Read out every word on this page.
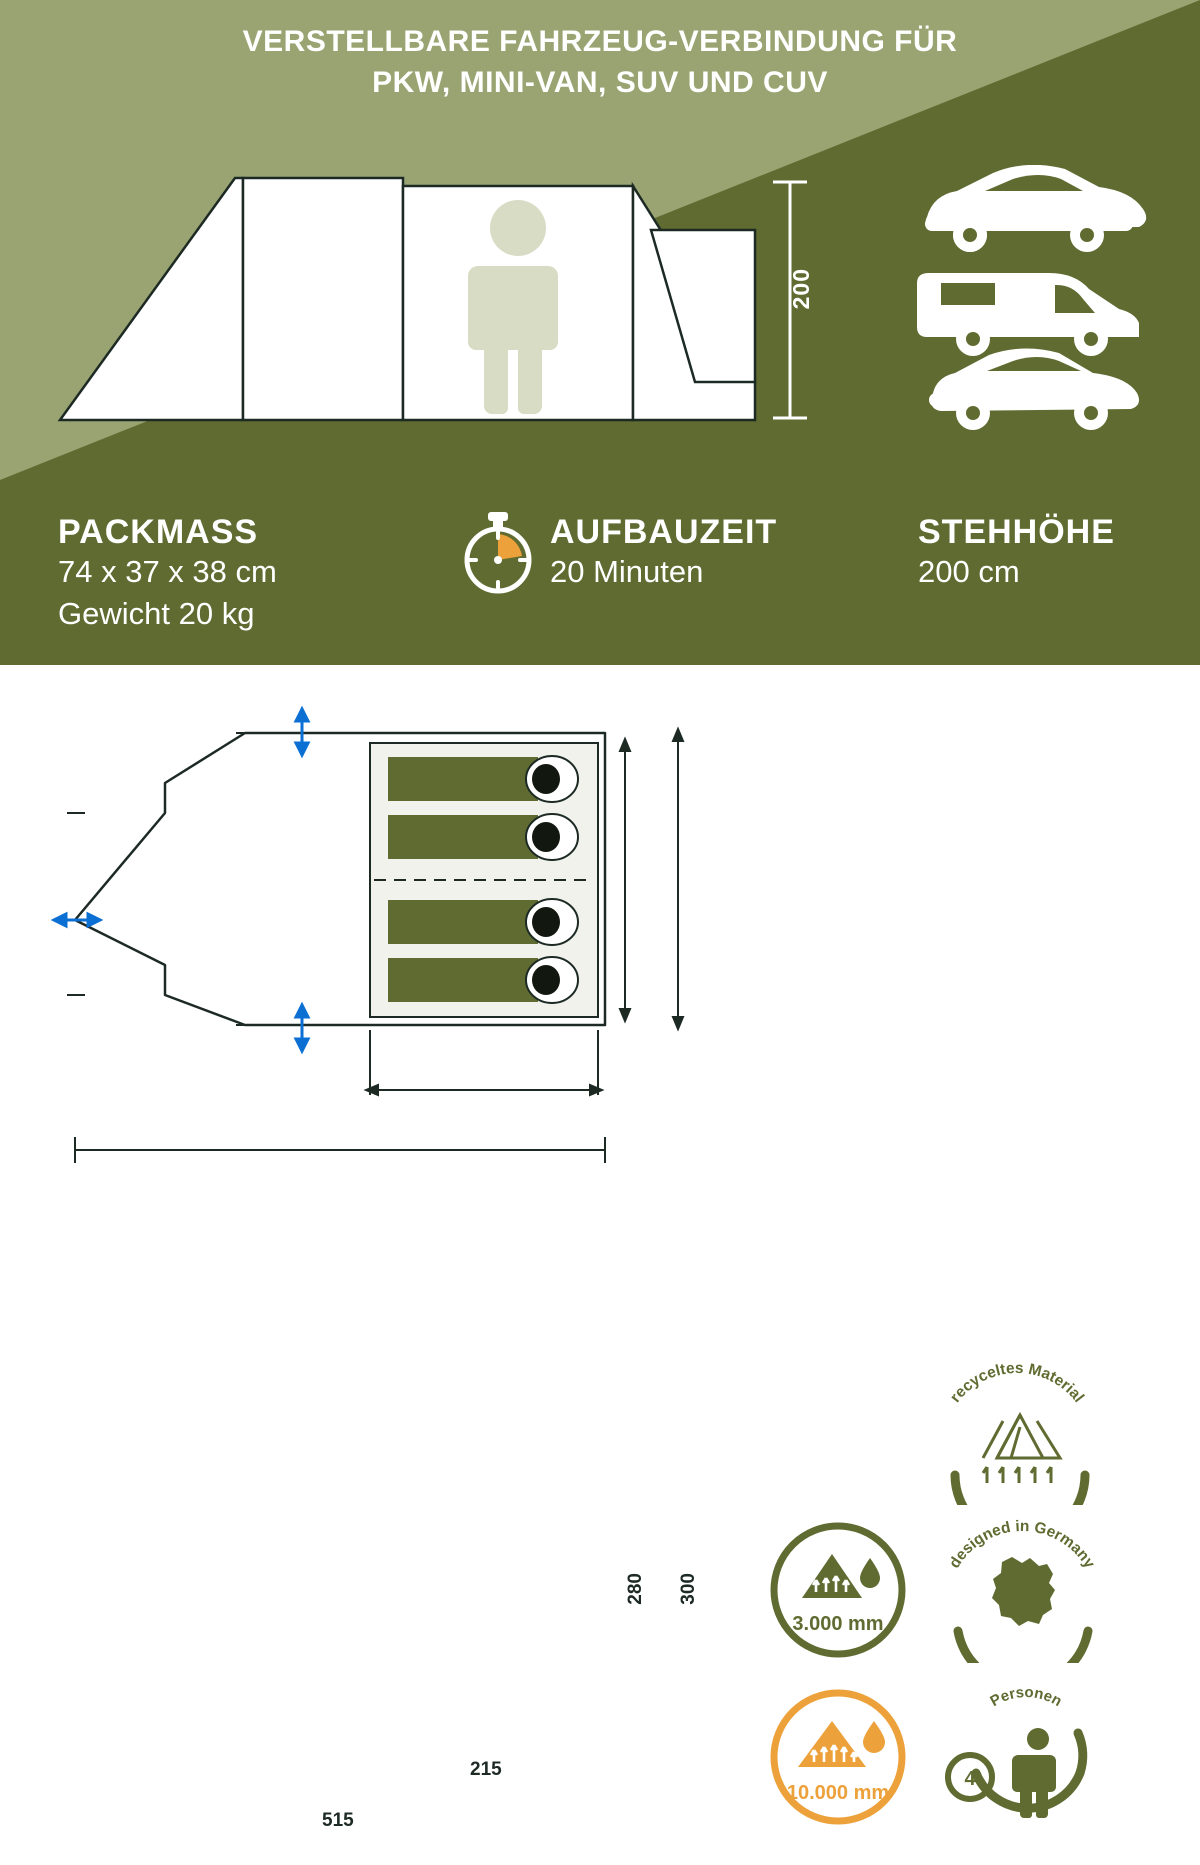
VERSTELLBARE FAHRZEUG-VERBINDUNG FÜR
PKW, MINI-VAN, SUV UND CUV
200
PACKMASS

74 x 37 x 38 cm

Gewicht 20 kg

AUFBAUZEIT

20 Minuten

STEHHÖHE

200 cm

280 300
215
515
recyceltes Material
3.000 mm
designed in Germany
10.000 mm
Personen
4
